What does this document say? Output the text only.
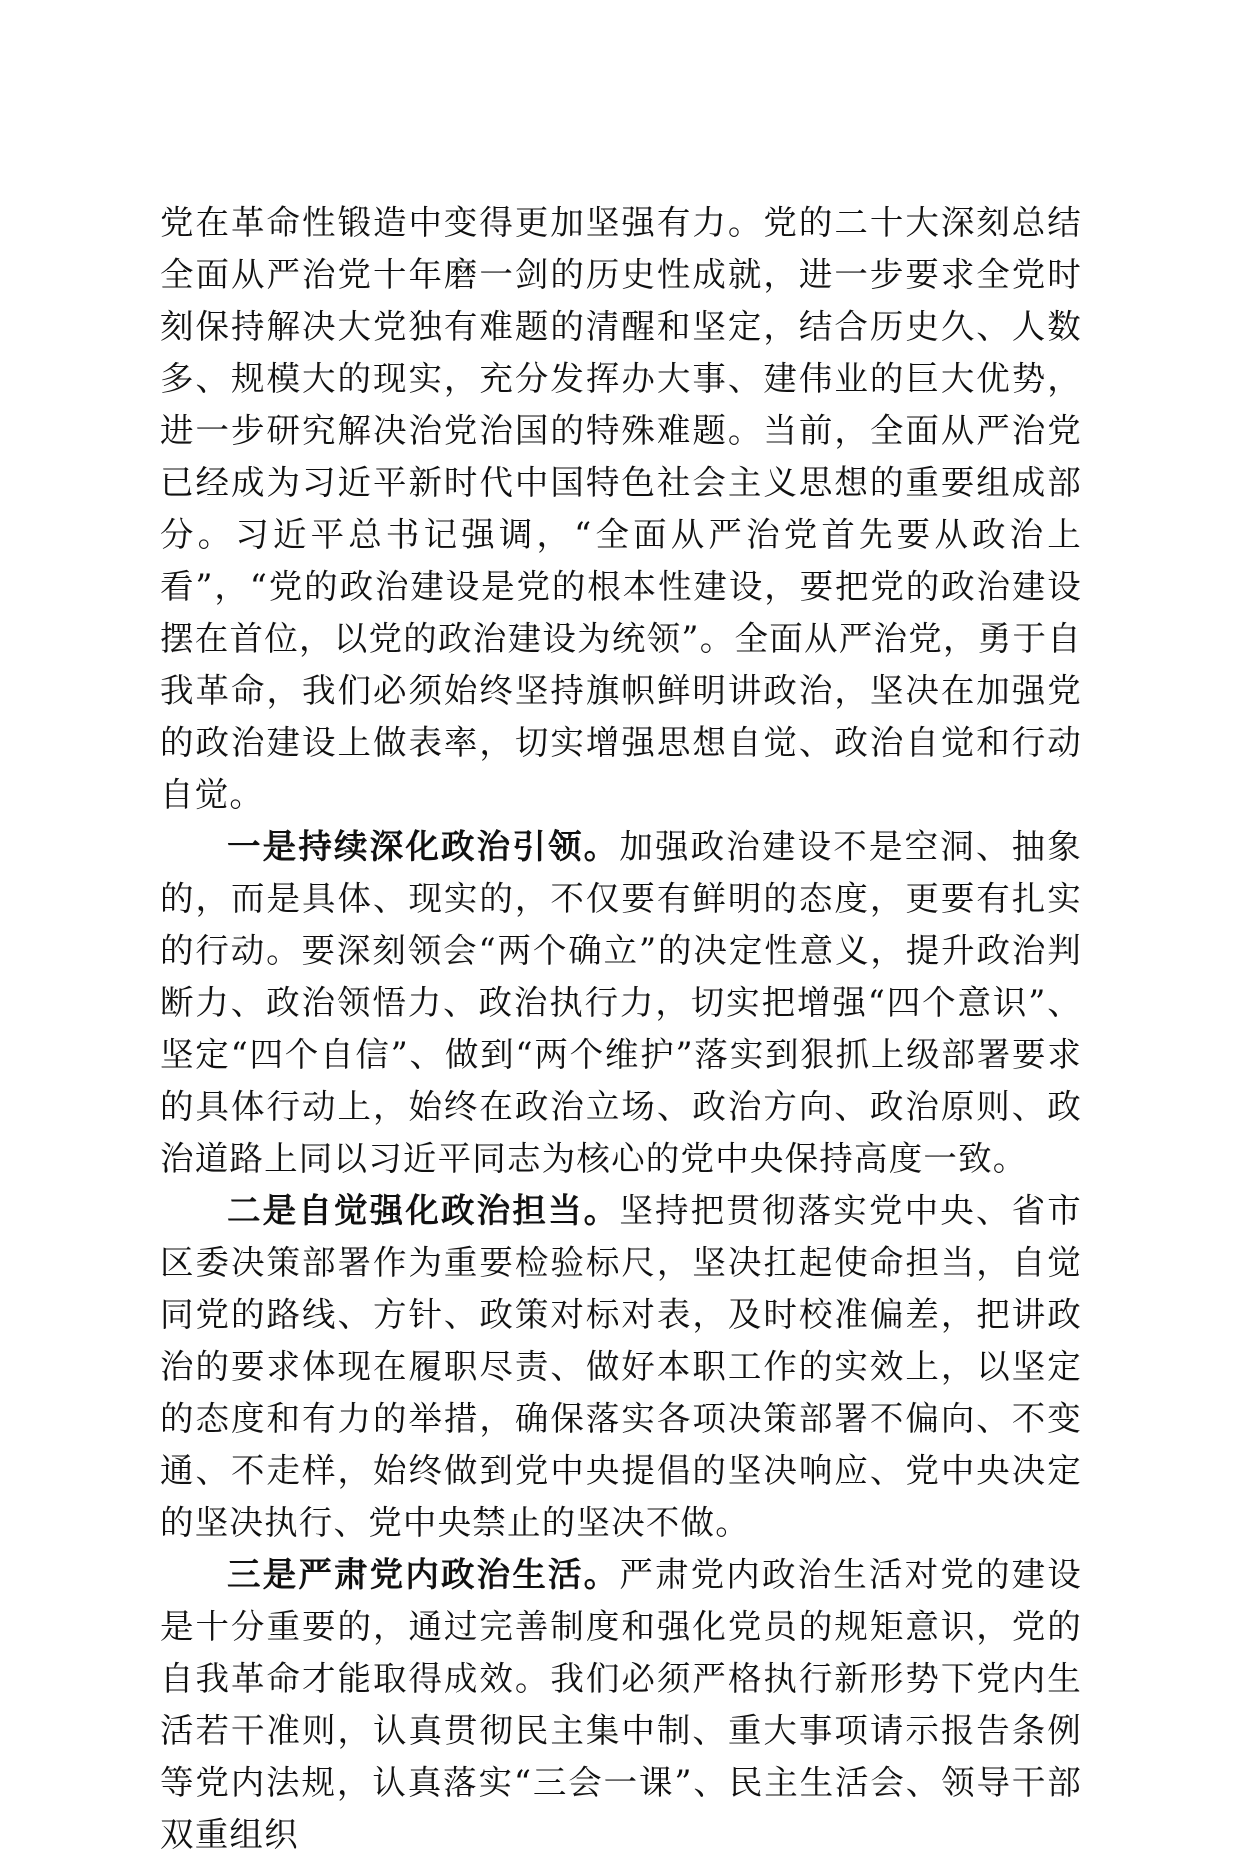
党在革命性锻造中变得更加坚强有力。党的二十大深刻总结全面从严治党十年磨一剑的历史性成就，进一步要求全党时刻保持解决大党独有难题的清醒和坚定，结合历史久、人数多、规模大的现实，充分发挥办大事、建伟业的巨大优势，进一步研究解决治党治国的特殊难题。当前，全面从严治党已经成为习近平新时代中国特色社会主义思想的重要组成部分。习近平总书记强调，“全面从严治党首先要从政治上看”，“党的政治建设是党的根本性建设，要把党的政治建设摆在首位，以党的政治建设为统领”。全面从严治党，勇于自我革命，我们必须始终坚持旗帜鲜明讲政治，坚决在加强党的政治建设上做表率，切实增强思想自觉、政治自觉和行动自觉。

一是持续深化政治引领。加强政治建设不是空洞、抽象的，而是具体、现实的，不仅要有鲜明的态度，更要有扎实的行动。要深刻领会“两个确立”的决定性意义，提升政治判断力、政治领悟力、政治执行力，切实把增强“四个意识”、坚定“四个自信”、做到“两个维护”落实到狠抓上级部署要求的具体行动上，始终在政治立场、政治方向、政治原则、政治道路上同以习近平同志为核心的党中央保持高度一致。

二是自觉强化政治担当。坚持把贯彻落实党中央、省市区委决策部署作为重要检验标尺，坚决扛起使命担当，自觉同党的路线、方针、政策对标对表，及时校准偏差，把讲政治的要求体现在履职尽责、做好本职工作的实效上，以坚定的态度和有力的举措，确保落实各项决策部署不偏向、不变通、不走样，始终做到党中央提倡的坚决响应、党中央决定的坚决执行、党中央禁止的坚决不做。

三是严肃党内政治生活。严肃党内政治生活对党的建设是十分重要的，通过完善制度和强化党员的规矩意识，党的自我革命才能取得成效。我们必须严格执行新形势下党内生活若干准则，认真贯彻民主集中制、重大事项请示报告条例等党内法规，认真落实“三会一课”、民主生活会、领导干部双重组织
